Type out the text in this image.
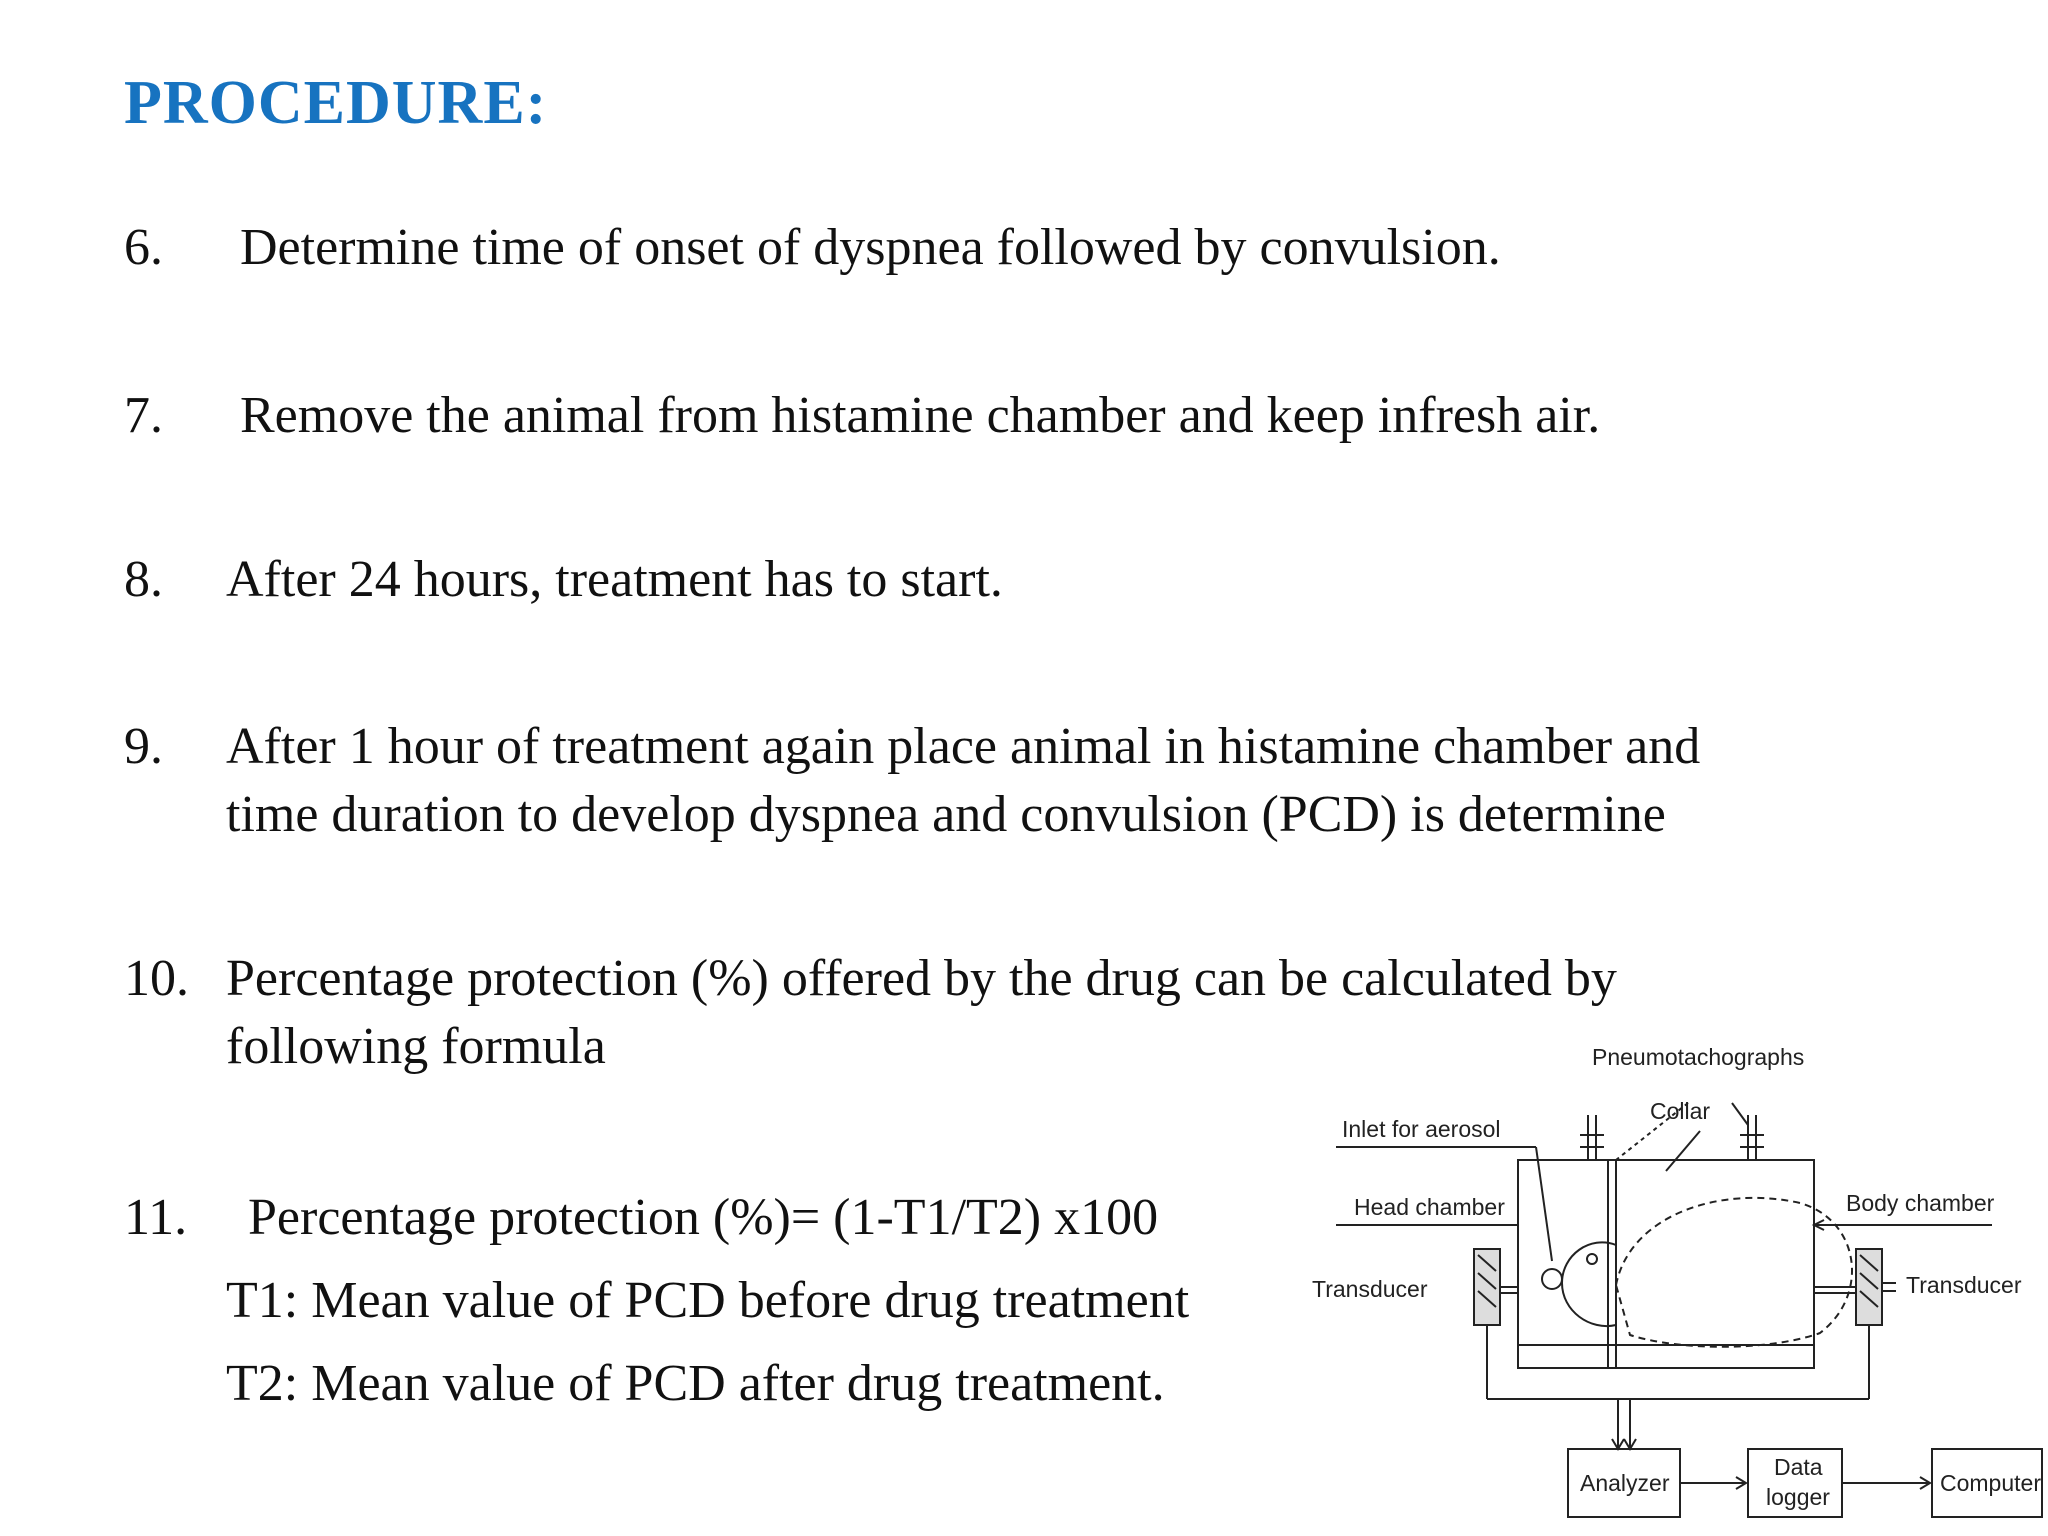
PROCEDURE:
6. Determine time of onset of dyspnea followed by convulsion.
7. Remove the animal from histamine chamber and keep infresh air.
8. After 24 hours, treatment has to start.
9. After 1 hour of treatment again place animal in histamine chamber and
time duration to develop dyspnea and convulsion (PCD) is determine
10. Percentage protection (%) offered by the drug can be calculated by
following formula
11. Percentage protection (%)= (1-T1/T2) x100
T1: Mean value of PCD before drug treatment
T2: Mean value of PCD after drug treatment.
Pneumotachographs
Inlet for aerosol
Collar
Head chamber	Body chamber
Transducer	Transducer
Analyzer
Data
logger
Computer
